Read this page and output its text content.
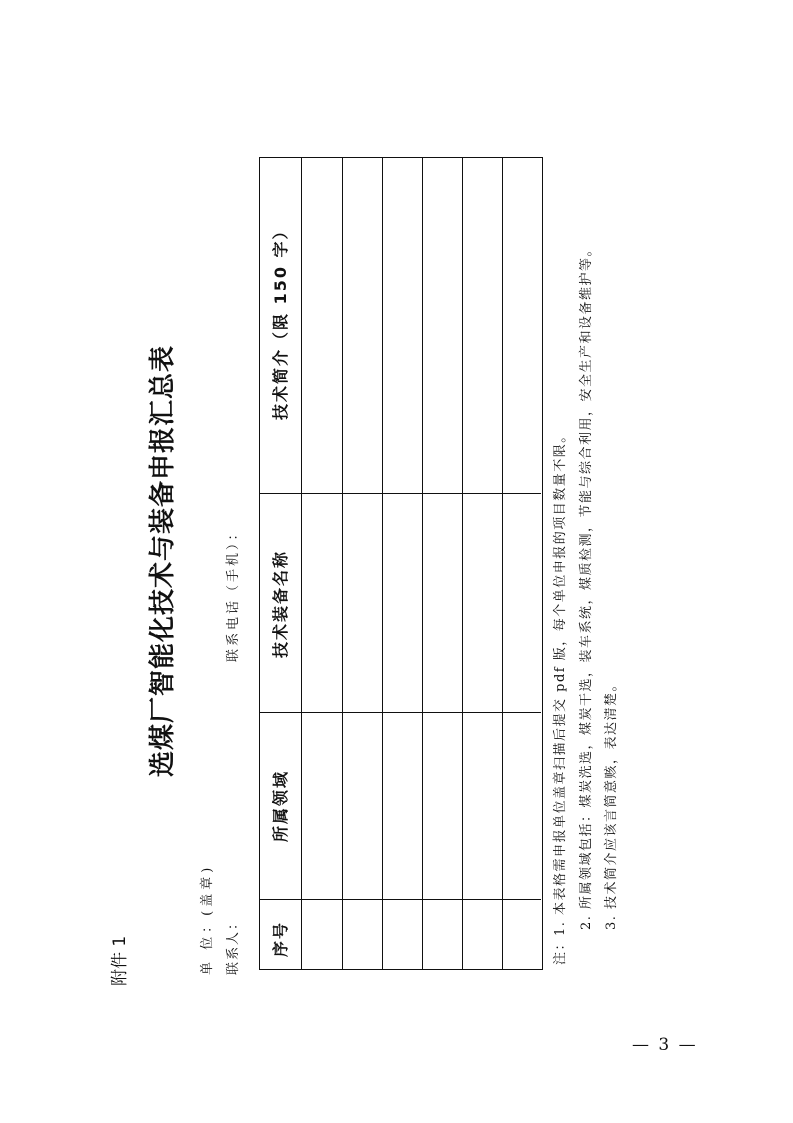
附件 1
选煤厂智能化技术与装备申报汇总表
单 位：(盖章) 联系人：
联系电话（手机）：
序号
所属领域
技术装备名称
技术简介（限 150 字）
注：1. 本表格需申报单位盖章扫描后提交 pdf 版，每个单位申报的项目数量不限。 2. 所属领域包括：煤炭洗选，煤炭干选，装车系统，煤质检测，节能与综合利用，安全生产和设备维护等。 3. 技术简介应该言简意赅，表达清楚。
— 3 —
